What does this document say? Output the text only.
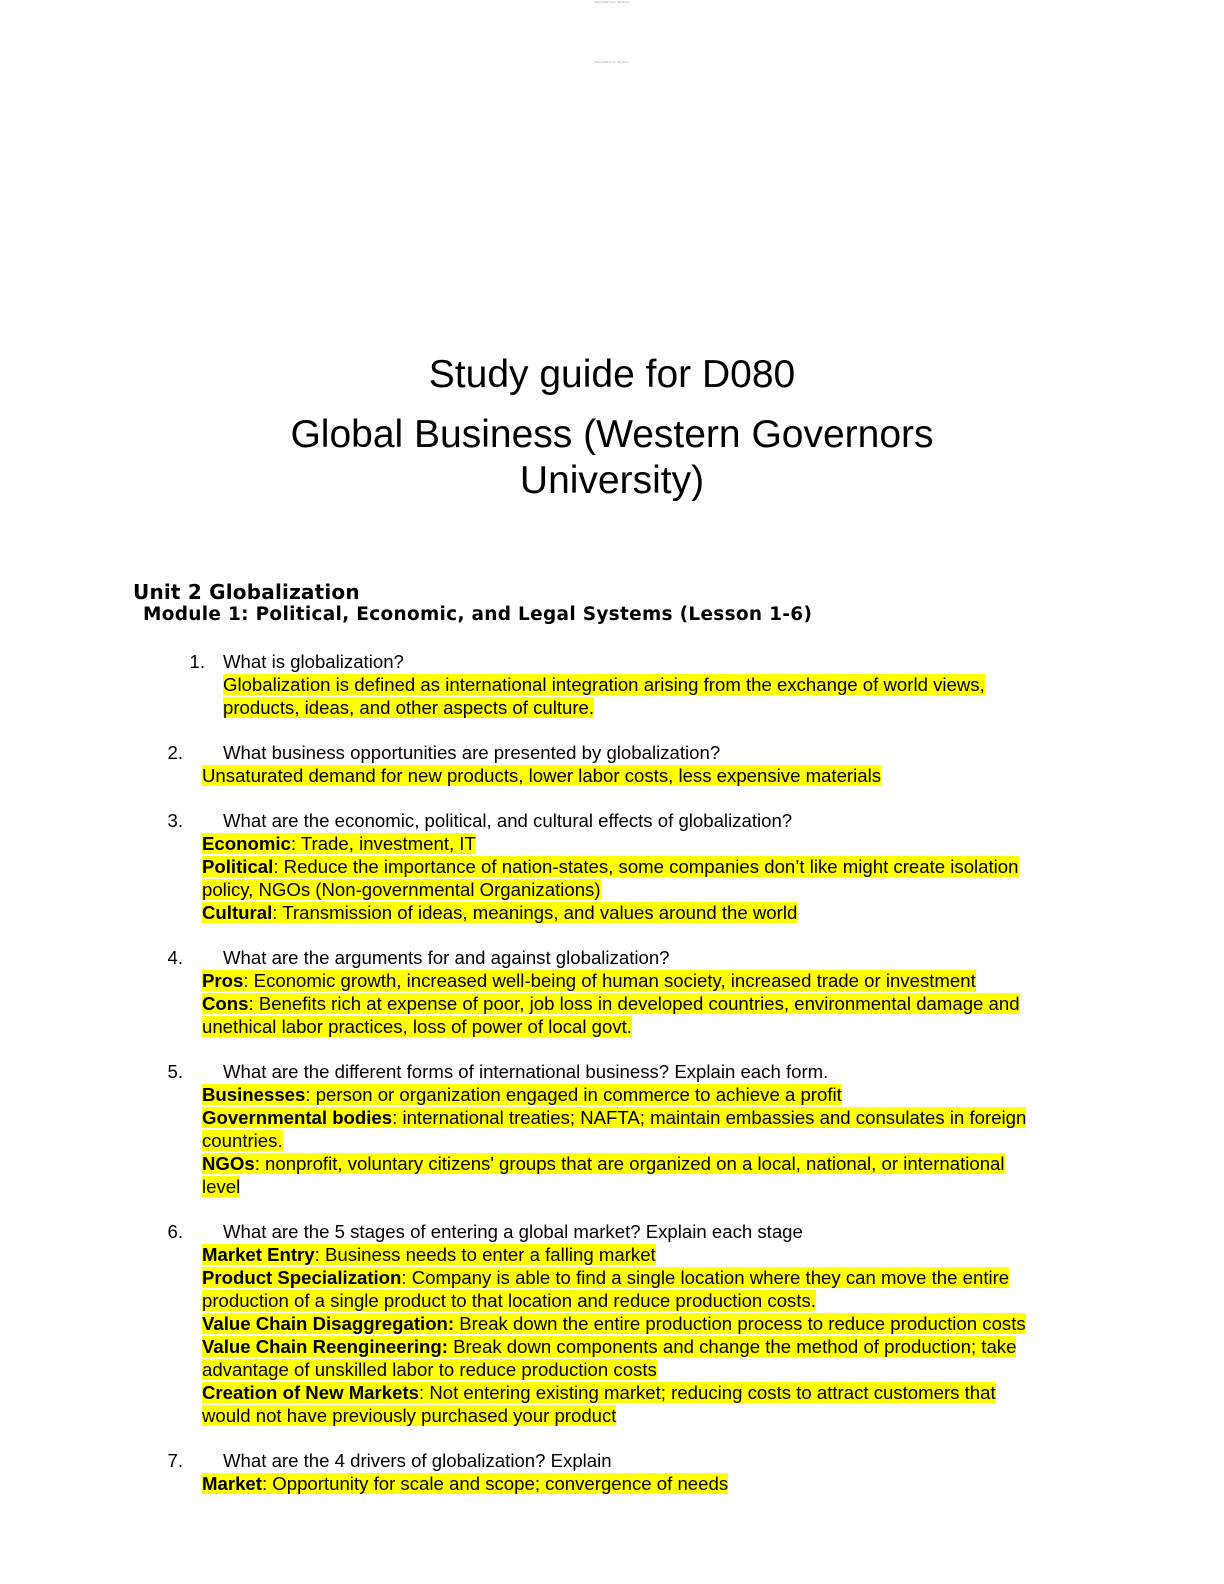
Exported from Studocu
Exported from Studocu
Study guide for D080
Global Business (Western Governors
University)
Unit 2 Globalization
Module 1: Political, Economic, and Legal Systems (Lesson 1-6)
1. What is globalization?

Globalization is defined as international integration arising from the exchange of world views, products, ideas, and other aspects of culture.

2. What business opportunities are presented by globalization?

Unsaturated demand for new products, lower labor costs, less expensive materials

3. What are the economic, political, and cultural effects of globalization?

Economic: Trade, investment, IT

Political: Reduce the importance of nation-states, some companies don’t like might create isolation policy, NGOs (Non-governmental Organizations)

Cultural: Transmission of ideas, meanings, and values around the world

4. What are the arguments for and against globalization?

Pros: Economic growth, increased well-being of human society, increased trade or investment

Cons: Benefits rich at expense of poor, job loss in developed countries, environmental damage and unethical labor practices, loss of power of local govt.

5. What are the different forms of international business? Explain each form.

Businesses: person or organization engaged in commerce to achieve a profit

Governmental bodies: international treaties; NAFTA; maintain embassies and consulates in foreign countries.

NGOs: nonprofit, voluntary citizens' groups that are organized on a local, national, or international level

6. What are the 5 stages of entering a global market? Explain each stage

Market Entry: Business needs to enter a falling market

Product Specialization: Company is able to find a single location where they can move the entire production of a single product to that location and reduce production costs.

Value Chain Disaggregation: Break down the entire production process to reduce production costs

Value Chain Reengineering: Break down components and change the method of production; take advantage of unskilled labor to reduce production costs

Creation of New Markets: Not entering existing market; reducing costs to attract customers that would not have previously purchased your product

7. What are the 4 drivers of globalization? Explain

Market: Opportunity for scale and scope; convergence of needs
